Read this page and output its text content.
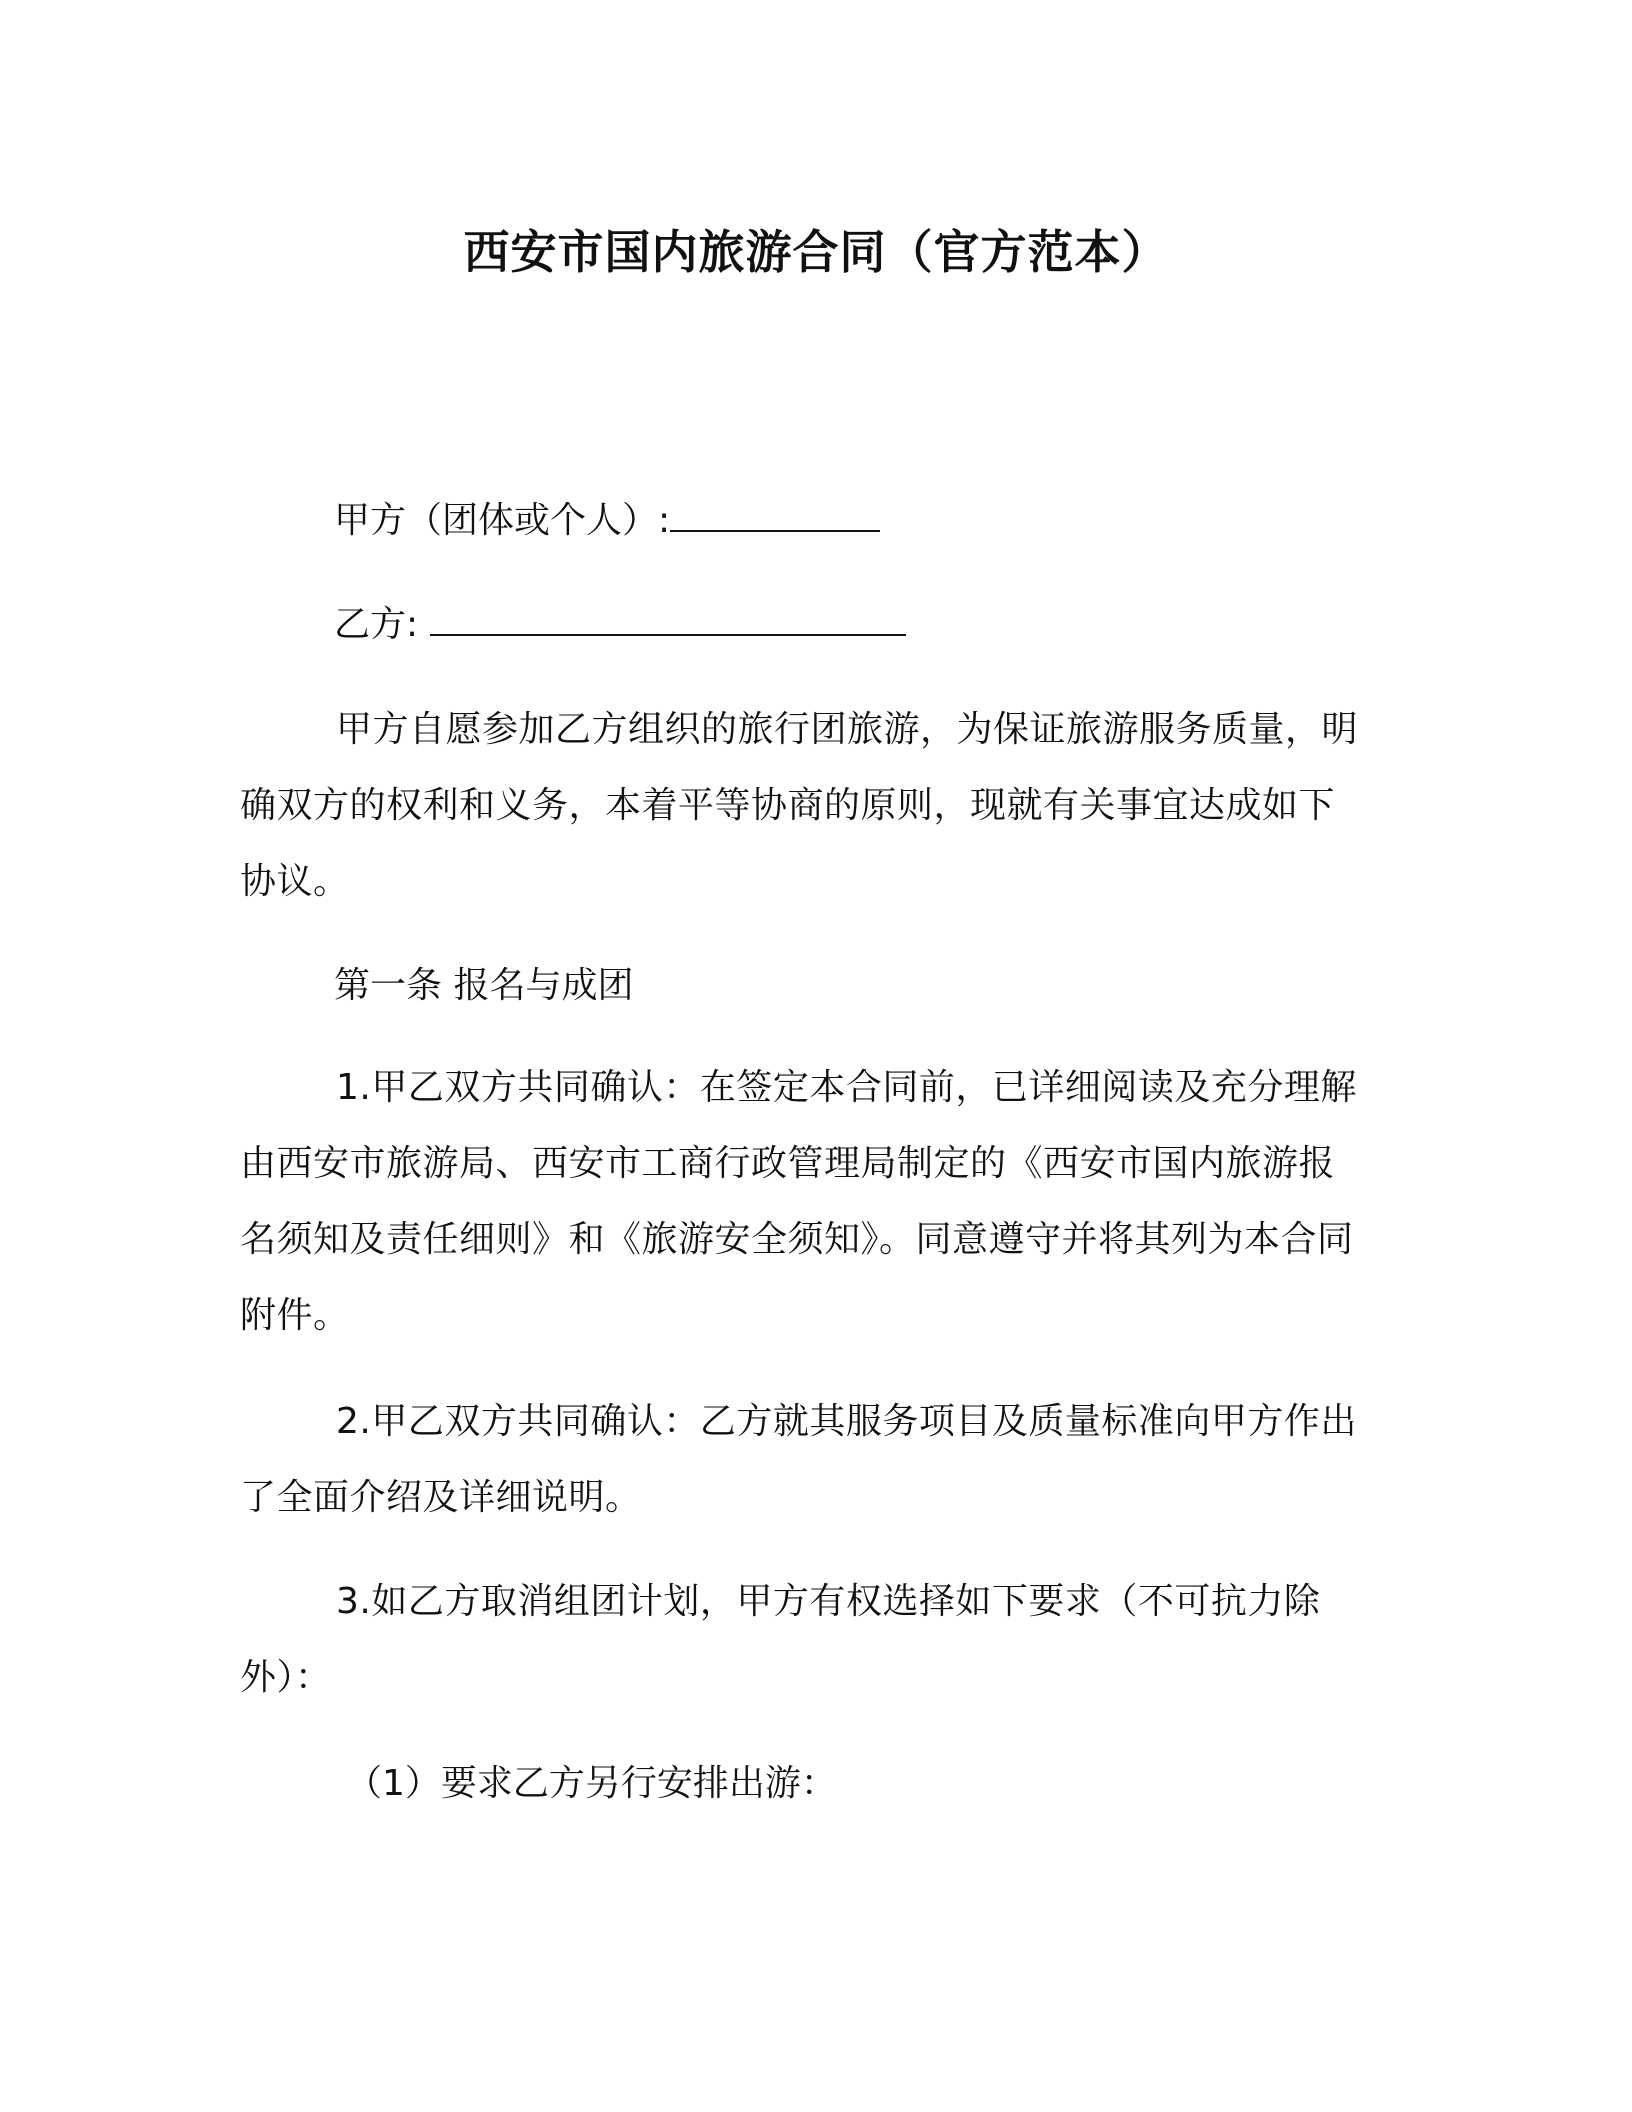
西安市国内旅游合同（官方范本）
甲方（团体或个人）:
乙方:
甲方自愿参加乙方组织的旅行团旅游，为保证旅游服务质量，明确双方的权利和义务，本着平等协商的原则，现就有关事宜达成如下协议。
第一条 报名与成团
1.甲乙双方共同确认：在签定本合同前，已详细阅读及充分理解由西安市旅游局、西安市工商行政管理局制定的《西安市国内旅游报名须知及责任细则》和《旅游安全须知》。同意遵守并将其列为本合同附件。
2.甲乙双方共同确认：乙方就其服务项目及质量标准向甲方作出了全面介绍及详细说明。
3.如乙方取消组团计划，甲方有权选择如下要求（不可抗力除外）：
（1）要求乙方另行安排出游：
